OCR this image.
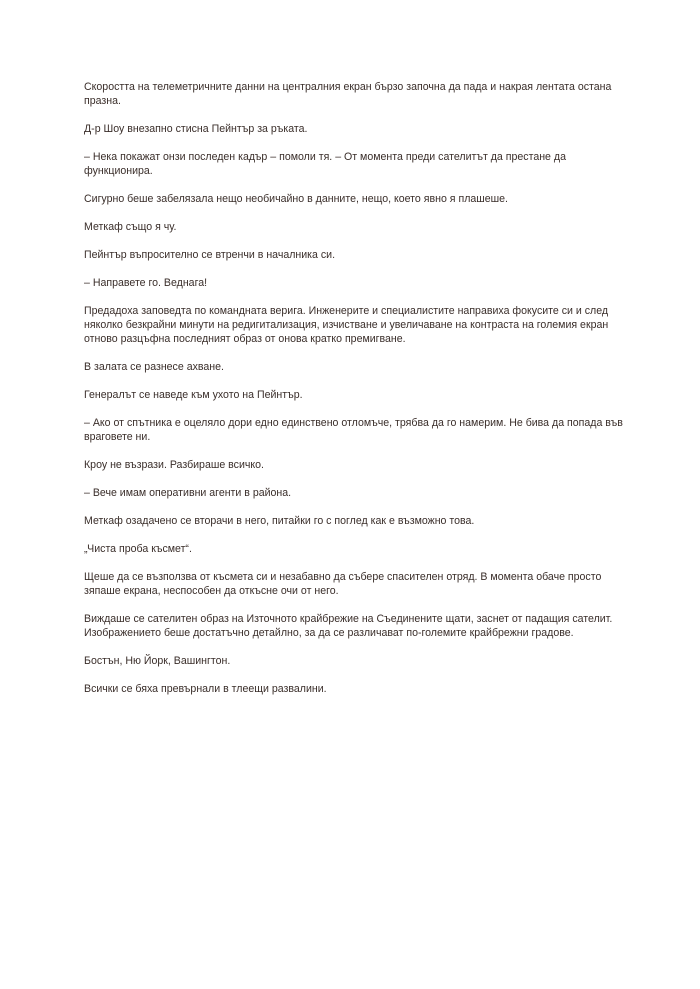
Скоростта на телеметричните данни на централния екран бързо започна да пада и накрая лентата остана празна.

Д-р Шоу внезапно стисна Пейнтър за ръката.

– Нека покажат онзи последен кадър – помоли тя. – От момента преди сателитът да престане да функционира.

Сигурно беше забелязала нещо необичайно в данните, нещо, което явно я плашеше.

Меткаф също я чу.

Пейнтър въпросително се втренчи в началника си.

– Направете го. Веднага!

Предадоха заповедта по командната верига. Инженерите и специалистите направиха фокусите си и след няколко безкрайни минути на редигитализация, изчистване и увеличаване на контраста на големия екран отново разцъфна последният образ от онова кратко премигване.

В залата се разнесе ахване.

Генералът се наведе към ухото на Пейнтър.

– Ако от спътника е оцеляло дори едно единствено отломъче, трябва да го намерим. Не бива да попада във враговете ни.

Кроу не възрази. Разбираше всичко.

– Вече имам оперативни агенти в района.

Меткаф озадачено се вторачи в него, питайки го с поглед как е възможно това.

„Чиста проба късмет“.

Щеше да се възползва от късмета си и незабавно да събере спасителен отряд. В момента обаче просто зяпаше екрана, неспособен да откъсне очи от него.

Виждаше се сателитен образ на Източното крайбрежие на Съединените щати, заснет от падащия сателит. Изображението беше достатъчно детайлно, за да се различават по-големите крайбрежни градове.

Бостън, Ню Йорк, Вашингтон.

Всички се бяха превърнали в тлеещи развалини.
